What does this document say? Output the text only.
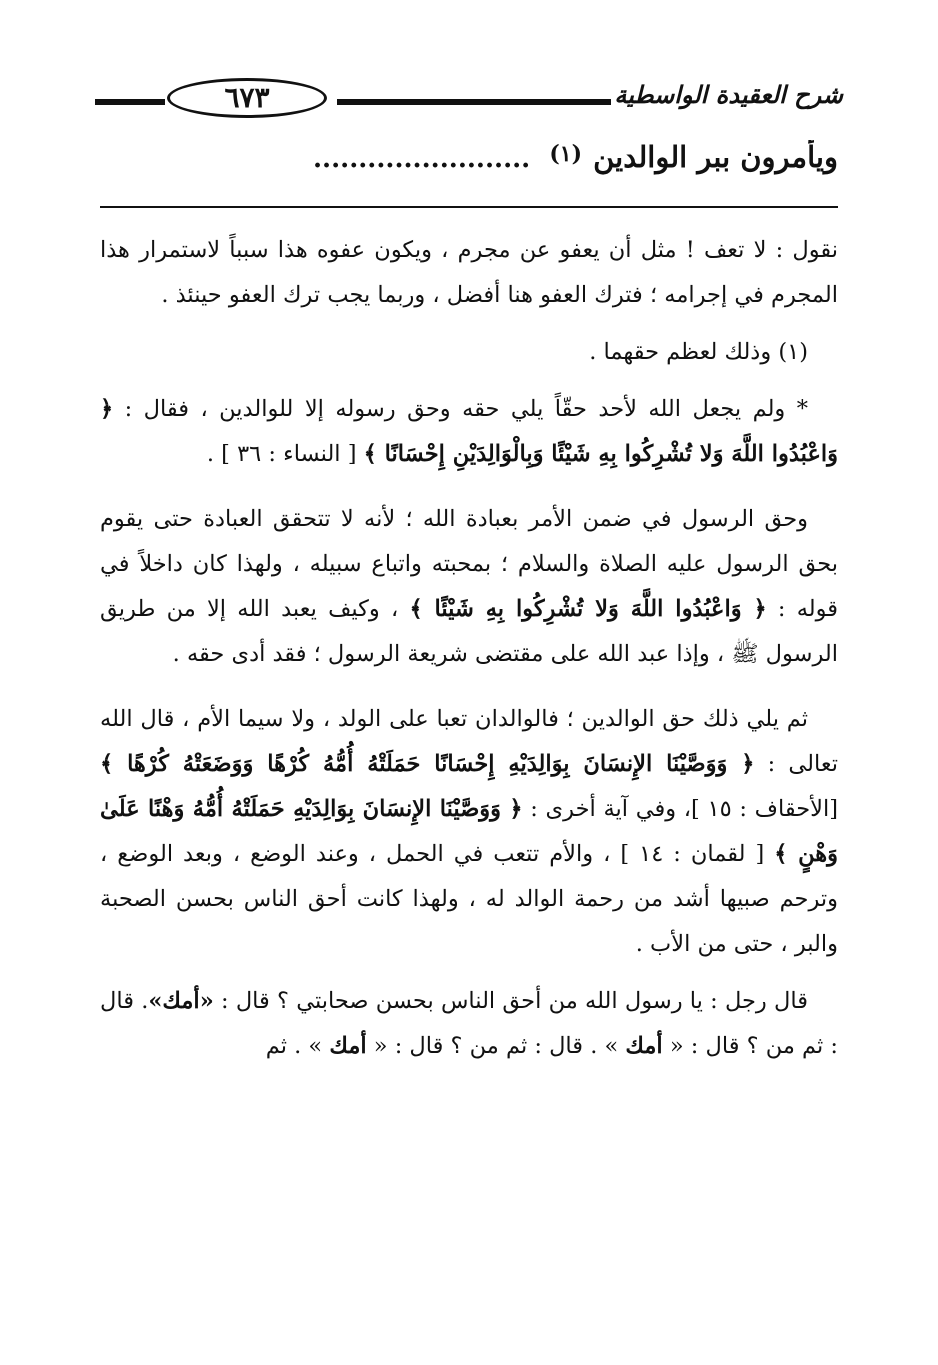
٦٧٣	شرح العقيدة الواسطية
ويأمرون ببر الوالدين (١) ........................

نقول : لا تعف ! مثل أن يعفو عن مجرم ، ويكون عفوه هذا سبباً لاستمرار هذا المجرم في إجرامه ؛ فترك العفو هنا أفضل ، وربما يجب ترك العفو حينئذ .

(١) وذلك لعظم حقهما .

* ولم يجعل الله لأحد حقّاً يلي حقه وحق رسوله إلا للوالدين ، فقال : ﴿ وَاعْبُدُوا اللَّهَ وَلا تُشْرِكُوا بِهِ شَيْئًا وَبِالْوَالِدَيْنِ إِحْسَانًا ﴾ [ النساء : ٣٦ ] .

وحق الرسول في ضمن الأمر بعبادة الله ؛ لأنه لا تتحقق العبادة حتى يقوم بحق الرسول عليه الصلاة والسلام ؛ بمحبته واتباع سبيله ، ولهذا كان داخلاً في قوله : ﴿ وَاعْبُدُوا اللَّهَ وَلا تُشْرِكُوا بِهِ شَيْئًا ﴾ ، وكيف يعبد الله إلا من طريق الرسول ﷺ ، وإذا عبد الله على مقتضى شريعة الرسول ؛ فقد أدى حقه .

ثم يلي ذلك حق الوالدين ؛ فالوالدان تعبا على الولد ، ولا سيما الأم ، قال الله تعالى : ﴿ وَوَصَّيْنَا الإِنسَانَ بِوَالِدَيْهِ إِحْسَانًا حَمَلَتْهُ أُمُّهُ كُرْهًا وَوَضَعَتْهُ كُرْهًا ﴾ [الأحقاف : ١٥ ]، وفي آية أخرى : ﴿ وَوَصَّيْنَا الإِنسَانَ بِوَالِدَيْهِ حَمَلَتْهُ أُمُّهُ وَهْنًا عَلَىٰ وَهْنٍ ﴾ [ لقمان : ١٤ ] ، والأم تتعب في الحمل ، وعند الوضع ، وبعد الوضع ، وترحم صبيها أشد من رحمة الوالد له ، ولهذا كانت أحق الناس بحسن الصحبة والبر ، حتى من الأب .

قال رجل : يا رسول الله من أحق الناس بحسن صحابتي ؟ قال : «أمك». قال : ثم من ؟ قال : « أمك » . قال : ثم من ؟ قال : « أمك » . ثم
